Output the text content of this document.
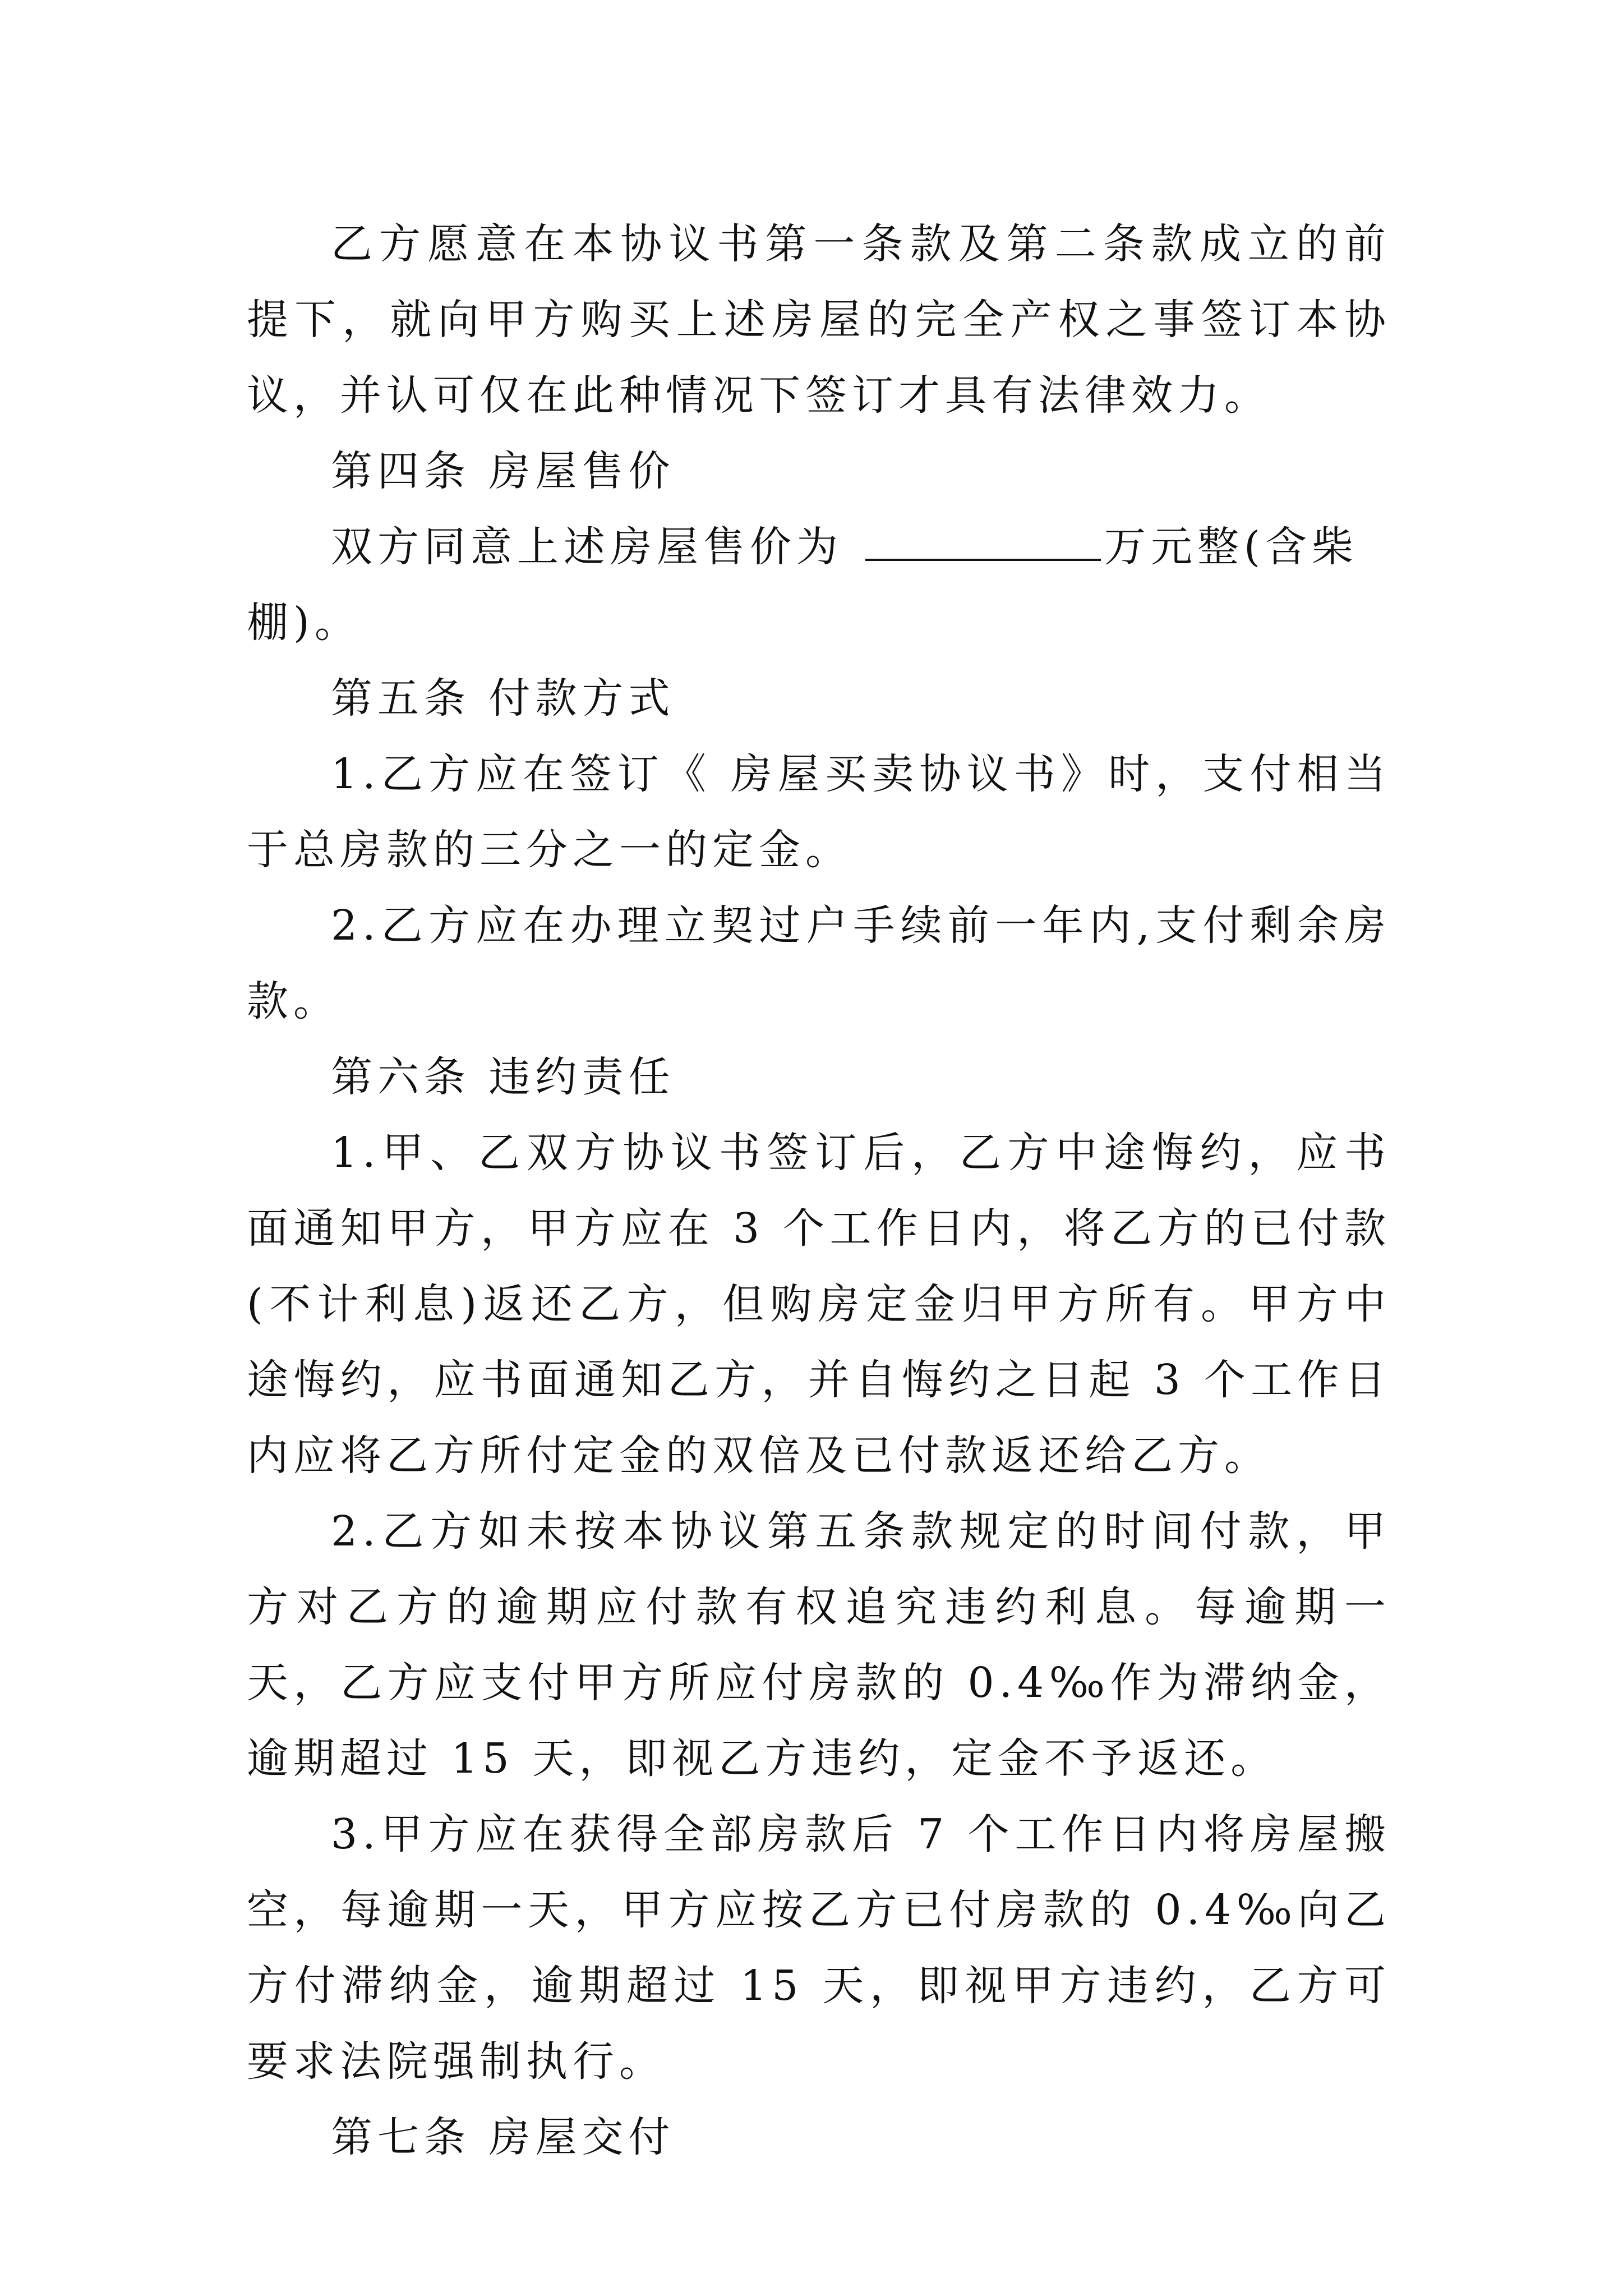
乙方愿意在本协议书第一条款及第二条款成立的前提下，就向甲方购买上述房屋的完全产权之事签订本协议，并认可仅在此种情况下签订才具有法律效力。

第四条 房屋售价

双方同意上述房屋售价为	万元整(含柴棚)。

第五条 付款方式

1.乙方应在签订《 房屋买卖协议书》时，支付相当于总房款的三分之一的定金。

2.乙方应在办理立契过户手续前一年内,支付剩余房款。

第六条 违约责任

1.甲、乙双方协议书签订后，乙方中途悔约，应书面通知甲方，甲方应在 3 个工作日内，将乙方的已付款(不计利息)返还乙方，但购房定金归甲方所有。甲方中途悔约，应书面通知乙方，并自悔约之日起 3 个工作日内应将乙方所付定金的双倍及已付款返还给乙方。

2.乙方如未按本协议第五条款规定的时间付款，甲方对乙方的逾期应付款有权追究违约利息。每逾期一天，乙方应支付甲方所应付房款的 0.4‰作为滞纳金，逾期超过 15 天，即视乙方违约，定金不予返还。

3.甲方应在获得全部房款后 7 个工作日内将房屋搬空，每逾期一天，甲方应按乙方已付房款的 0.4‰向乙方付滞纳金，逾期超过 15 天，即视甲方违约，乙方可要求法院强制执行。

第七条 房屋交付
